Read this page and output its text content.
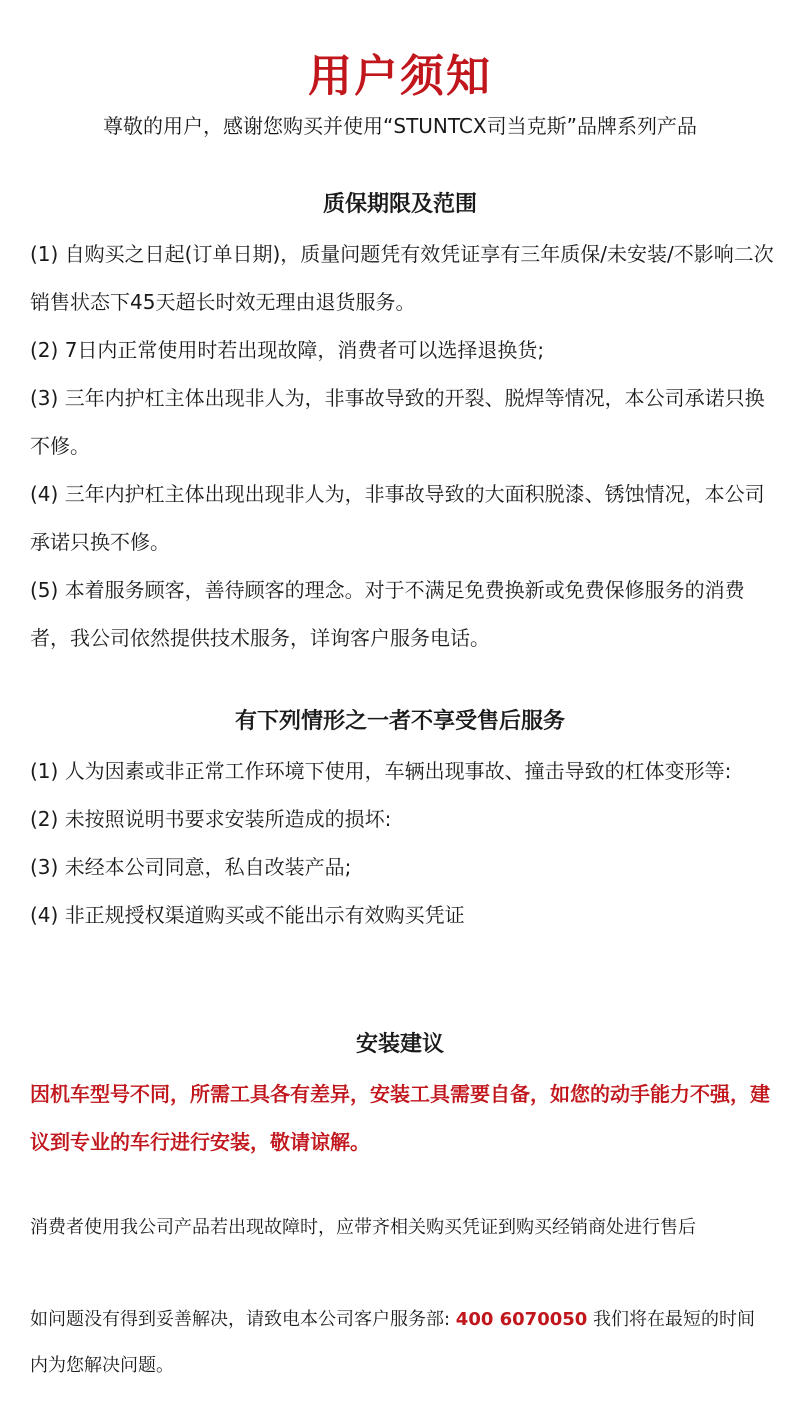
用户须知
尊敬的用户，感谢您购买并使用“STUNTCX司当克斯”品牌系列产品
质保期限及范围
(1) 自购买之日起(订单日期)，质量问题凭有效凭证享有三年质保/未安装/不影响二次销售状态下45天超长时效无理由退货服务。
(2) 7日内正常使用时若出现故障，消费者可以选择退换货;
(3) 三年内护杠主体出现非人为，非事故导致的开裂、脱焊等情况，本公司承诺只换不修。
(4) 三年内护杠主体出现出现非人为，非事故导致的大面积脱漆、锈蚀情况，本公司承诺只换不修。
(5) 本着服务顾客，善待顾客的理念。对于不满足免费换新或免费保修服务的消费者，我公司依然提供技术服务，详询客户服务电话。
有下列情形之一者不享受售后服务
(1) 人为因素或非正常工作环境下使用，车辆出现事故、撞击导致的杠体变形等:
(2) 未按照说明书要求安装所造成的损坏:
(3) 未经本公司同意，私自改装产品;
(4) 非正规授权渠道购买或不能出示有效购买凭证
安装建议

因机车型号不同，所需工具各有差异，安装工具需要自备，如您的动手能力不强，建议到专业的车行进行安装，敬请谅解。

消费者使用我公司产品若出现故障时，应带齐相关购买凭证到购买经销商处进行售后

如问题没有得到妥善解决，请致电本公司客户服务部: 400 6070050 我们将在最短的时间内为您解决问题。
